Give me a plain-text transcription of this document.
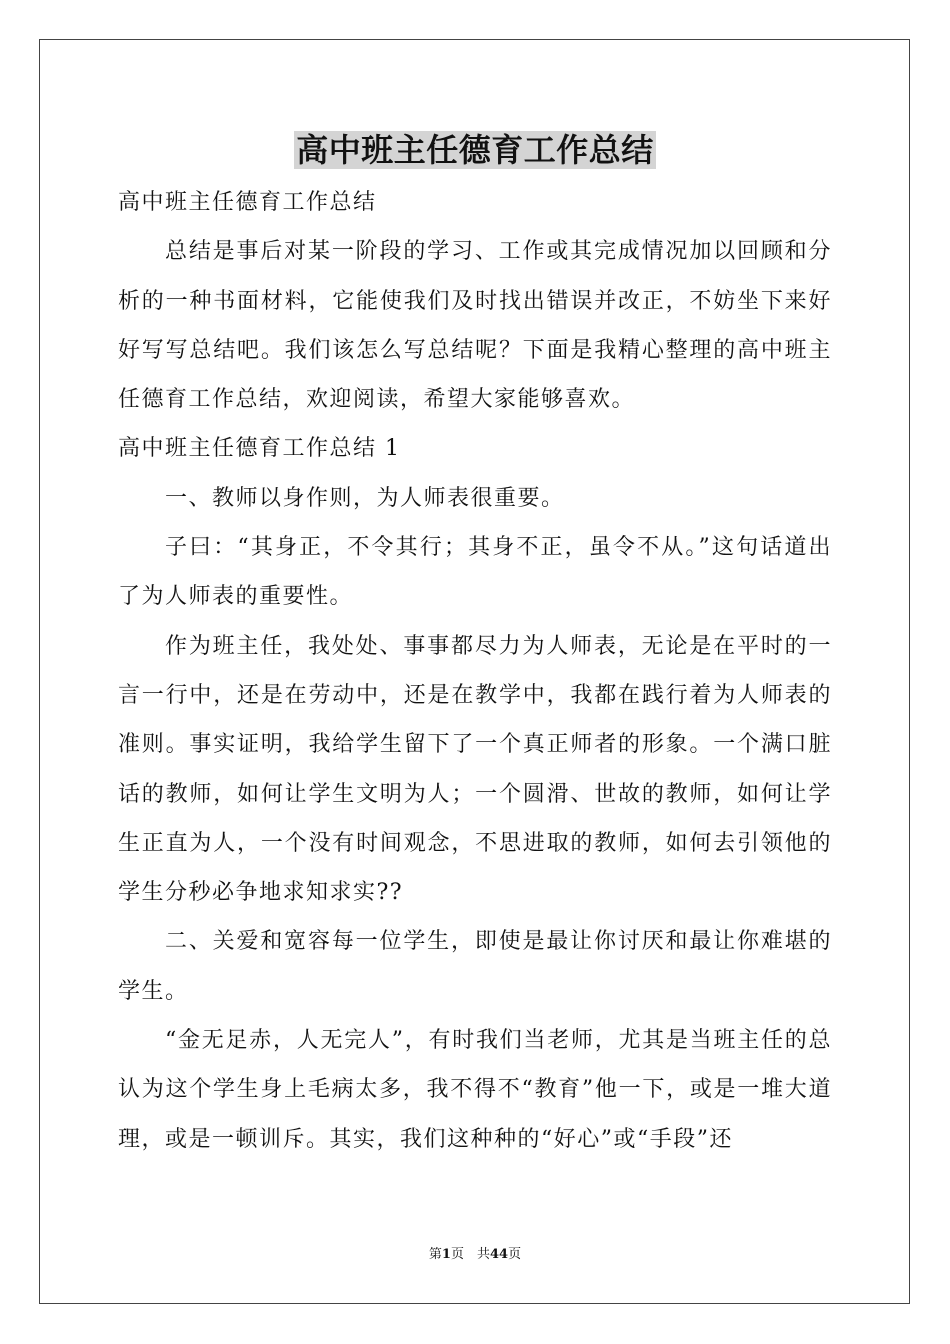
高中班主任德育工作总结

高中班主任德育工作总结

总结是事后对某一阶段的学习、工作或其完成情况加以回顾和分析的一种书面材料，它能使我们及时找出错误并改正，不妨坐下来好好写写总结吧。我们该怎么写总结呢？下面是我精心整理的高中班主任德育工作总结，欢迎阅读，希望大家能够喜欢。

高中班主任德育工作总结 1

一、教师以身作则，为人师表很重要。

子曰：“其身正，不令其行；其身不正，虽令不从。”这句话道出了为人师表的重要性。

作为班主任，我处处、事事都尽力为人师表，无论是在平时的一言一行中，还是在劳动中，还是在教学中，我都在践行着为人师表的准则。事实证明，我给学生留下了一个真正师者的形象。一个满口脏话的教师，如何让学生文明为人；一个圆滑、世故的教师，如何让学生正直为人，一个没有时间观念，不思进取的教师，如何去引领他的学生分秒必争地求知求实??

二、关爱和宽容每一位学生，即使是最让你讨厌和最让你难堪的学生。

“金无足赤，人无完人”，有时我们当老师，尤其是当班主任的总认为这个学生身上毛病太多，我不得不“教育”他一下，或是一堆大道理，或是一顿训斥。其实，我们这种种的“好心”或“手段”还

第1页　共44页
